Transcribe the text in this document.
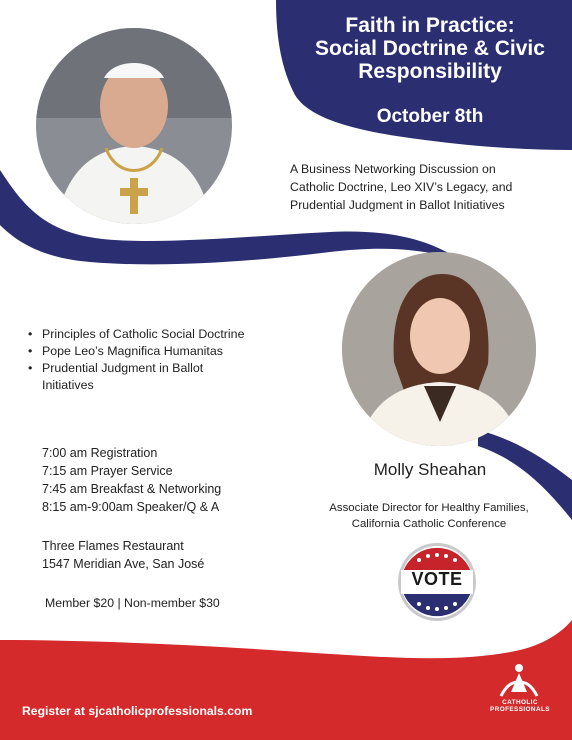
Faith in Practice:
Social Doctrine & Civic
Responsibility
October 8th
A Business Networking Discussion on
Catholic Doctrine, Leo XIV’s Legacy, and
Prudential Judgment in Ballot Initiatives
• Principles of Catholic Social Doctrine
• Pope Leo’s Magnifica Humanitas
• Prudential Judgment in Ballot Initiatives
7:00 am Registration
7:15 am Prayer Service
7:45 am Breakfast & Networking
8:15 am-9:00am Speaker/Q & A
Three Flames Restaurant
1547 Meridian Ave, San José
Member $20 | Non-member $30
Molly Sheahan
Associate Director for Healthy Families,
California Catholic Conference
VOTE
Register at sjcatholicprofessionals.com
CATHOLIC
PROFESSIONALS
